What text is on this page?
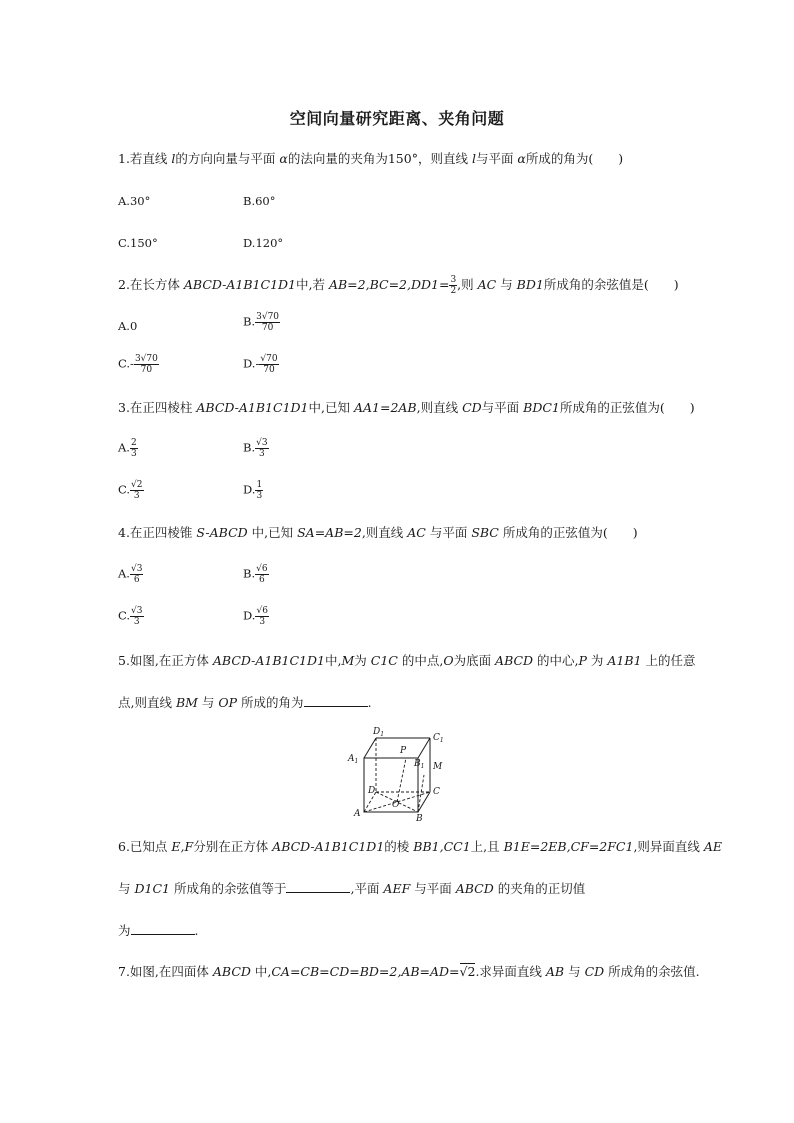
空间向量研究距离、夹角问题
1.若直线 l的方向向量与平面 α的法向量的夹角为150°，则直线 l与平面 α所成的角为(　　)
A.30°	B.60°
C.150°	D.120°
2.在长方体 ABCD-A1B1C1D1中,若 $AB=2,BC=2,DD1= \frac{3}{2}$ ,则 AC 与 BD1所成角的余弦值是(　　)
A.0	B. $\frac{3√70}{70}$
$C.- \frac{3√70}{70}$	$D.- \frac{√70}{70}$
3.在正四棱柱 ABCD-A1B1C1D1中,已知 AA1=2AB,则直线 CD与平面 BDC1所成角的正弦值为(　　)
A. $\frac{2}{3}$	B. $\frac{√3}{3}$
C. $\frac{√2}{3}$	D. $\frac{1}{3}$
4.在正四棱锥 S-ABCD 中,已知 SA=AB=2,则直线 AC 与平面 SBC 所成角的正弦值为(　　)
A. $\frac{√3}{6}$	B. $\frac{√6}{6}$
C. $\frac{√3}{3}$	D. $\frac{√6}{3}$
5.如图,在正方体 ABCD-A1B1C1D1中,M为 C1C 的中点,O为底面 ABCD 的中心,P 为 A1B1 上的任意
点,则直线 BM 与 OP 所成的角为	.
$D_1$	$C_1$
$A_1$	$B_1$
P
M
D	C
O
A	B
6.已知点 E,F分别在正方体 ABCD-A1B1C1D1的棱 BB1,CC1上,且 B1E=2EB,CF=2FC1,则异面直线 AE
与 D1C1 所成角的余弦值等于	,平面 AEF 与平面 ABCD 的夹角的正切值
为	.
7.如图,在四面体 ABCD 中,CA=CB=CD=BD=2,AB=AD=√2.求异面直线 AB 与 CD 所成角的余弦值.
